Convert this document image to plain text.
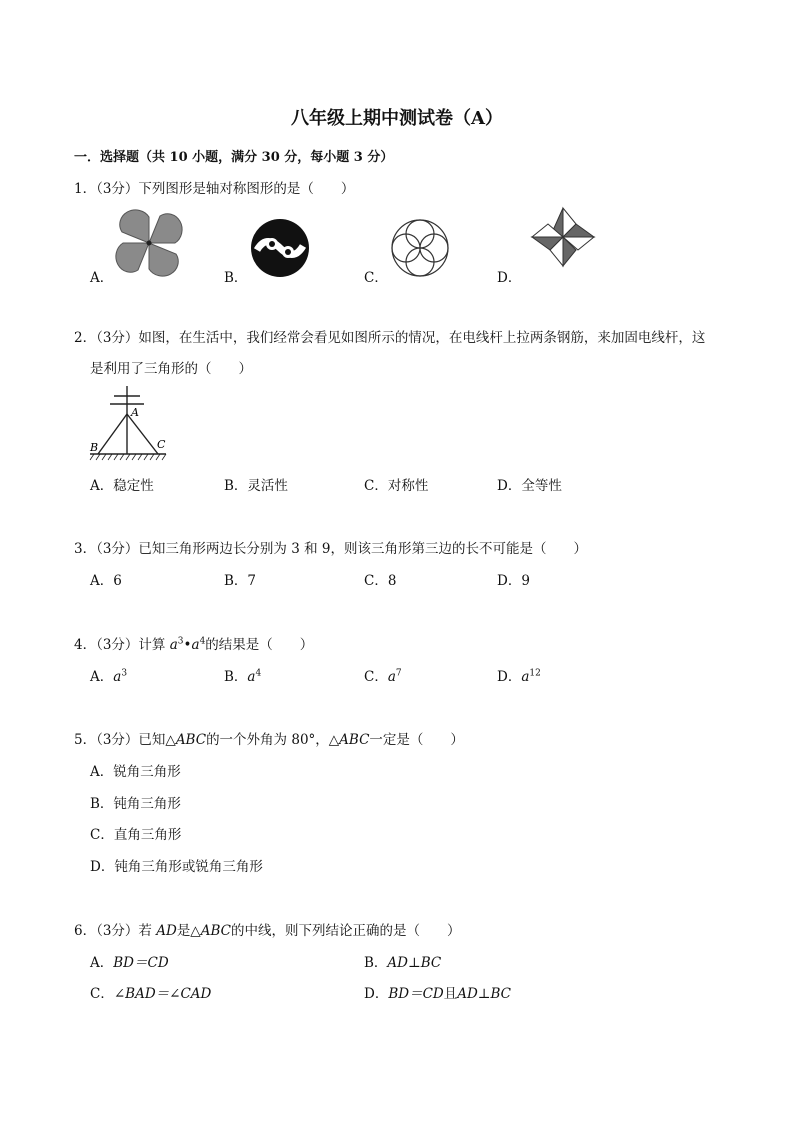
八年级上期中测试卷（A）
一．选择题（共 10 小题，满分 30 分，每小题 3 分）
1．（3分）下列图形是轴对称图形的是（　　）
A．	B．	C．	D．
2．（3分）如图，在生活中，我们经常会看见如图所示的情况，在电线杆上拉两条钢筋，来加固电线杆，这
是利用了三角形的（　　）
A
B	C
A．稳定性	B．灵活性	C．对称性	D．全等性
3．（3分）已知三角形两边长分别为 3 和 9，则该三角形第三边的长不可能是（　　）
A．6	B．7	C．8	D．9
4．（3分）计算 $a^3•a^4$的结果是（　　）
A．$a^3$	B．$a^4$	C．$a^7$	D．$a^{12}$
5．（3分）已知△ABC的一个外角为 80°，△ABC一定是（　　）
A．锐角三角形
B．钝角三角形
C．直角三角形
D．钝角三角形或锐角三角形
6．（3分）若 AD是△ABC的中线，则下列结论正确的是（　　）
A．BD＝CD	B．AD⊥BC
C．∠BAD＝∠CAD	D．BD＝CD且AD⊥BC
